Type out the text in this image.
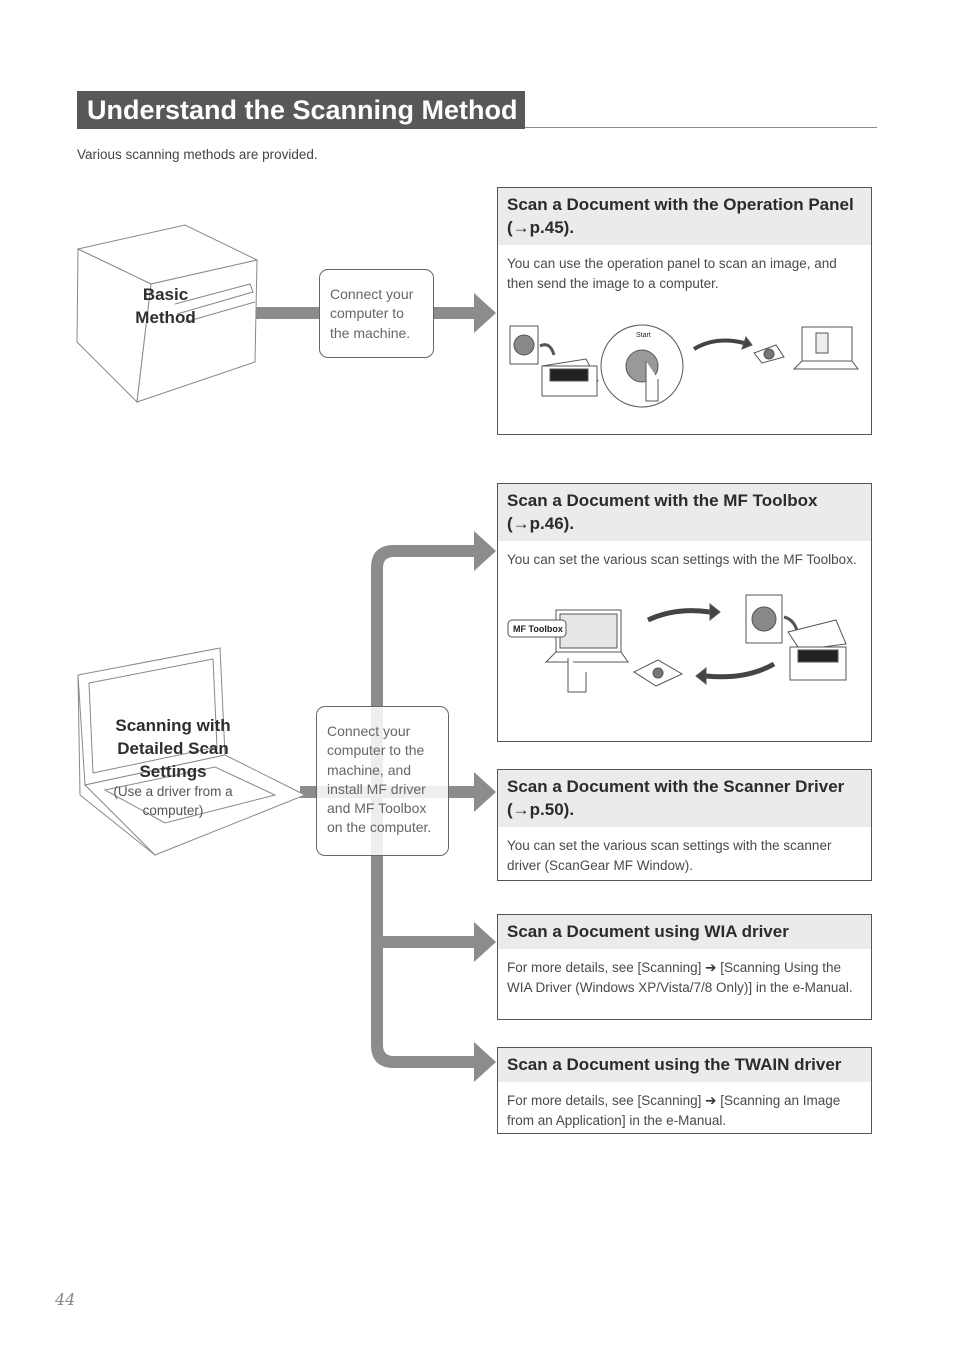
Understand the Scanning Method
Various scanning methods are provided.
Basic
Method
Connect your computer to the machine.
Scanning with
Detailed Scan
Settings
(Use a driver from a
computer)
Connect your computer to the machine, and install MF driver and MF Toolbox on the computer.
Scan a Document with the Operation Panel (→p.45).
You can use the operation panel to scan an image, and then send the image to a computer.
Start
Scan a Document with the MF Toolbox (→p.46).
You can set the various scan settings with the MF Toolbox.
MF Toolbox
Scan a Document with the Scanner Driver (→p.50).
You can set the various scan settings with the scanner driver (ScanGear MF Window).
Scan a Document using WIA driver
For more details, see [Scanning] ➔ [Scanning Using the WIA Driver (Windows XP/Vista/7/8 Only)] in the e-Manual.
Scan a Document using the TWAIN driver
For more details, see [Scanning] ➔ [Scanning an Image from an Application] in the e-Manual.
44
